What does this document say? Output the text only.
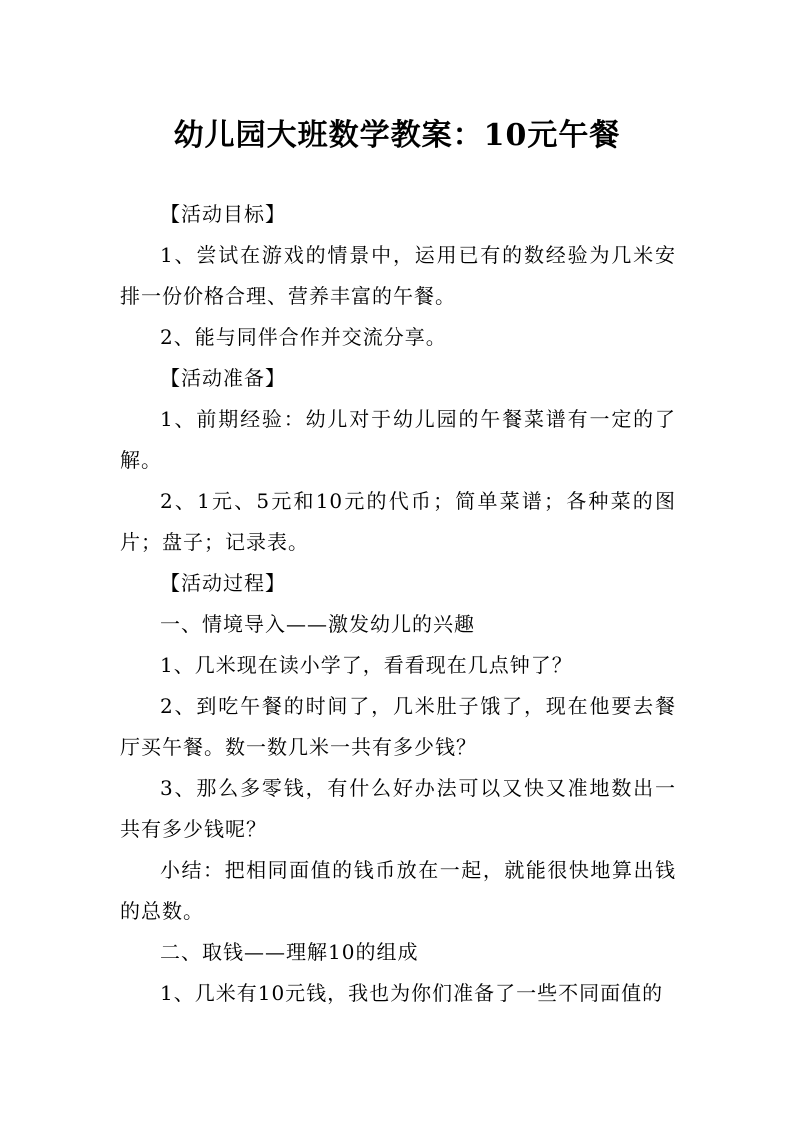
幼儿园大班数学教案：10元午餐

【活动目标】

1、尝试在游戏的情景中，运用已有的数经验为几米安排一份价格合理、营养丰富的午餐。

2、能与同伴合作并交流分享。

【活动准备】

1、前期经验：幼儿对于幼儿园的午餐菜谱有一定的了解。

2、1元、5元和10元的代币；简单菜谱；各种菜的图片；盘子；记录表。

【活动过程】

一、情境导入——激发幼儿的兴趣

1、几米现在读小学了，看看现在几点钟了？

2、到吃午餐的时间了，几米肚子饿了，现在他要去餐厅买午餐。数一数几米一共有多少钱？

3、那么多零钱，有什么好办法可以又快又准地数出一共有多少钱呢？

小结：把相同面值的钱币放在一起，就能很快地算出钱的总数。

二、取钱——理解10的组成

1、几米有10元钱，我也为你们准备了一些不同面值的
